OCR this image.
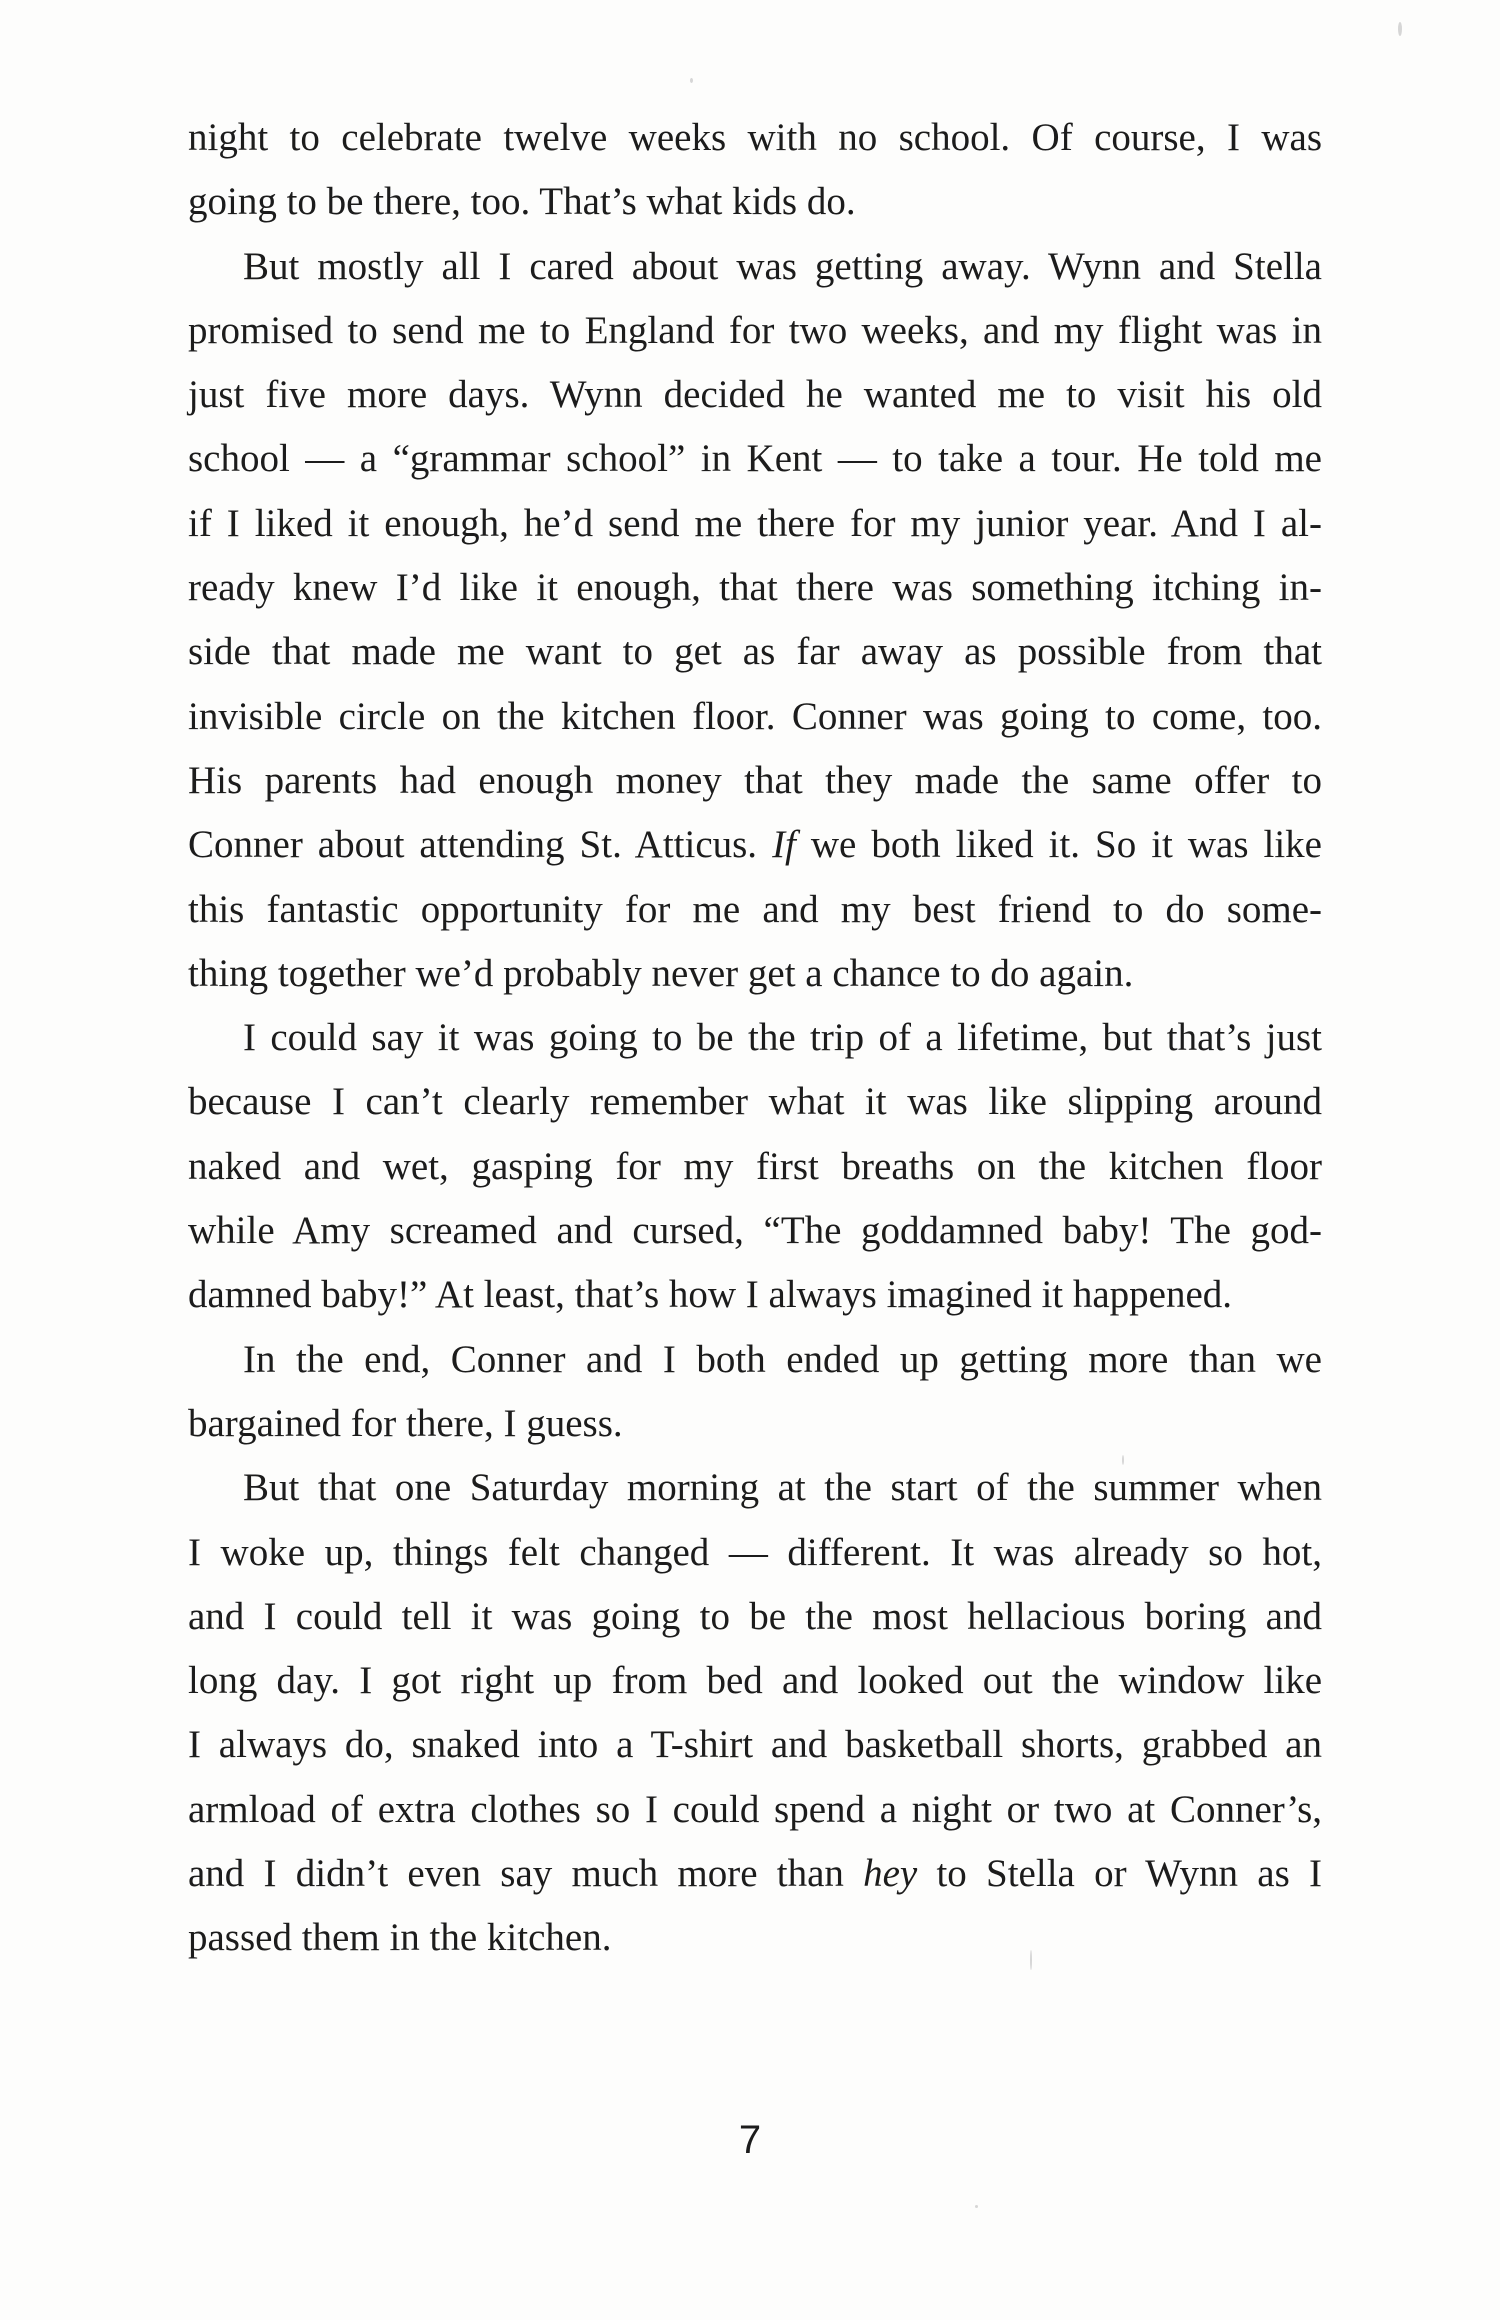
night to celebrate twelve weeks with no school. Of course, I was
going to be there, too. That’s what kids do.
But mostly all I cared about was getting away. Wynn and Stella
promised to send me to England for two weeks, and my flight was in
just five more days. Wynn decided he wanted me to visit his old
school — a “grammar school” in Kent — to take a tour. He told me
if I liked it enough, he’d send me there for my junior year. And I al-
ready knew I’d like it enough, that there was something itching in-
side that made me want to get as far away as possible from that
invisible circle on the kitchen floor. Conner was going to come, too.
His parents had enough money that they made the same offer to
Conner about attending St. Atticus. If we both liked it. So it was like
this fantastic opportunity for me and my best friend to do some-
thing together we’d probably never get a chance to do again.
I could say it was going to be the trip of a lifetime, but that’s just
because I can’t clearly remember what it was like slipping around
naked and wet, gasping for my first breaths on the kitchen floor
while Amy screamed and cursed, “The goddamned baby! The god-
damned baby!” At least, that’s how I always imagined it happened.
In the end, Conner and I both ended up getting more than we
bargained for there, I guess.
But that one Saturday morning at the start of the summer when
I woke up, things felt changed — different. It was already so hot,
and I could tell it was going to be the most hellacious boring and
long day. I got right up from bed and looked out the window like
I always do, snaked into a T-shirt and basketball shorts, grabbed an
armload of extra clothes so I could spend a night or two at Conner’s,
and I didn’t even say much more than hey to Stella or Wynn as I
passed them in the kitchen.
7
